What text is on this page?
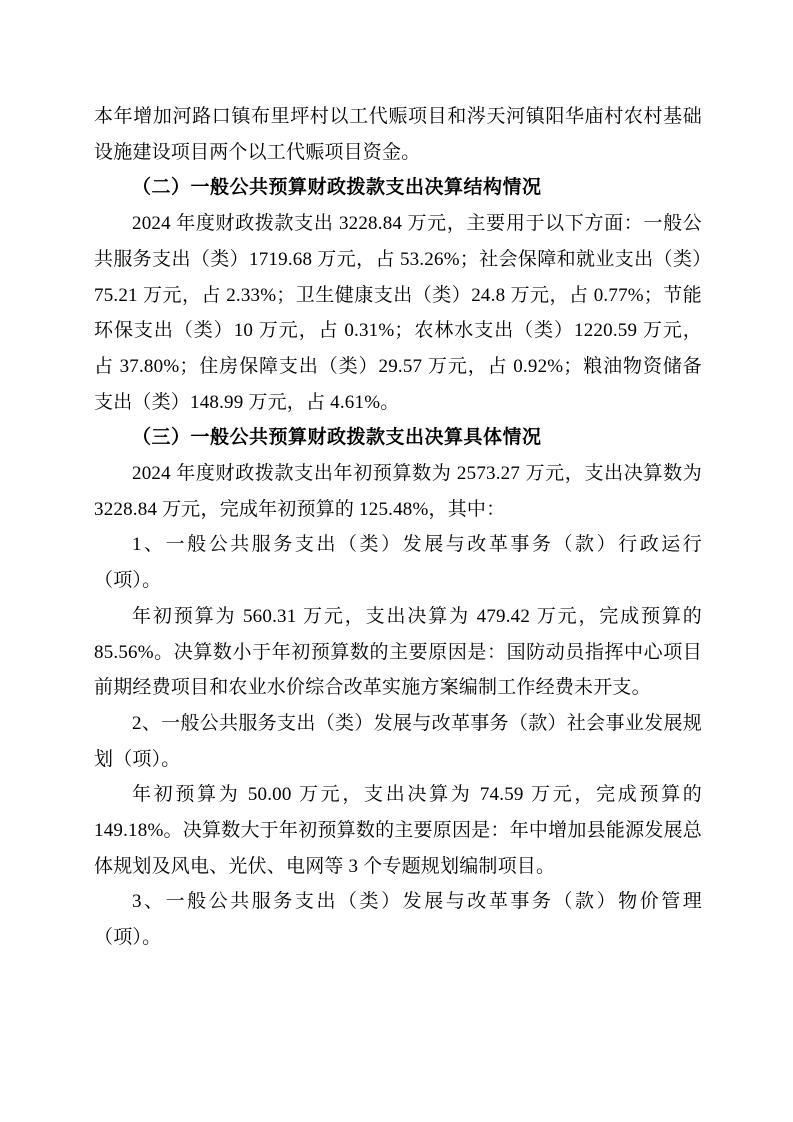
本年增加河路口镇布里坪村以工代赈项目和涔天河镇阳华庙村农村基础设施建设项目两个以工代赈项目资金。

（二）一般公共预算财政拨款支出决算结构情况

2024 年度财政拨款支出 3228.84 万元，主要用于以下方面：一般公共服务支出（类）1719.68 万元，占 53.26%；社会保障和就业支出（类）75.21 万元，占 2.33%；卫生健康支出（类）24.8 万元，占 0.77%；节能环保支出（类）10 万元，占 0.31%；农林水支出（类）1220.59 万元，占 37.80%；住房保障支出（类）29.57 万元，占 0.92%；粮油物资储备支出（类）148.99 万元，占 4.61%。

（三）一般公共预算财政拨款支出决算具体情况

2024 年度财政拨款支出年初预算数为 2573.27 万元，支出决算数为 3228.84 万元，完成年初预算的 125.48%，其中：

1、一般公共服务支出（类）发展与改革事务（款）行政运行（项）。

年初预算为 560.31 万元，支出决算为 479.42 万元，完成预算的 85.56%。决算数小于年初预算数的主要原因是：国防动员指挥中心项目前期经费项目和农业水价综合改革实施方案编制工作经费未开支。

2、一般公共服务支出（类）发展与改革事务（款）社会事业发展规划（项）。

年初预算为 50.00 万元，支出决算为 74.59 万元，完成预算的 149.18%。决算数大于年初预算数的主要原因是：年中增加县能源发展总体规划及风电、光伏、电网等 3 个专题规划编制项目。

3、一般公共服务支出（类）发展与改革事务（款）物价管理（项）。
